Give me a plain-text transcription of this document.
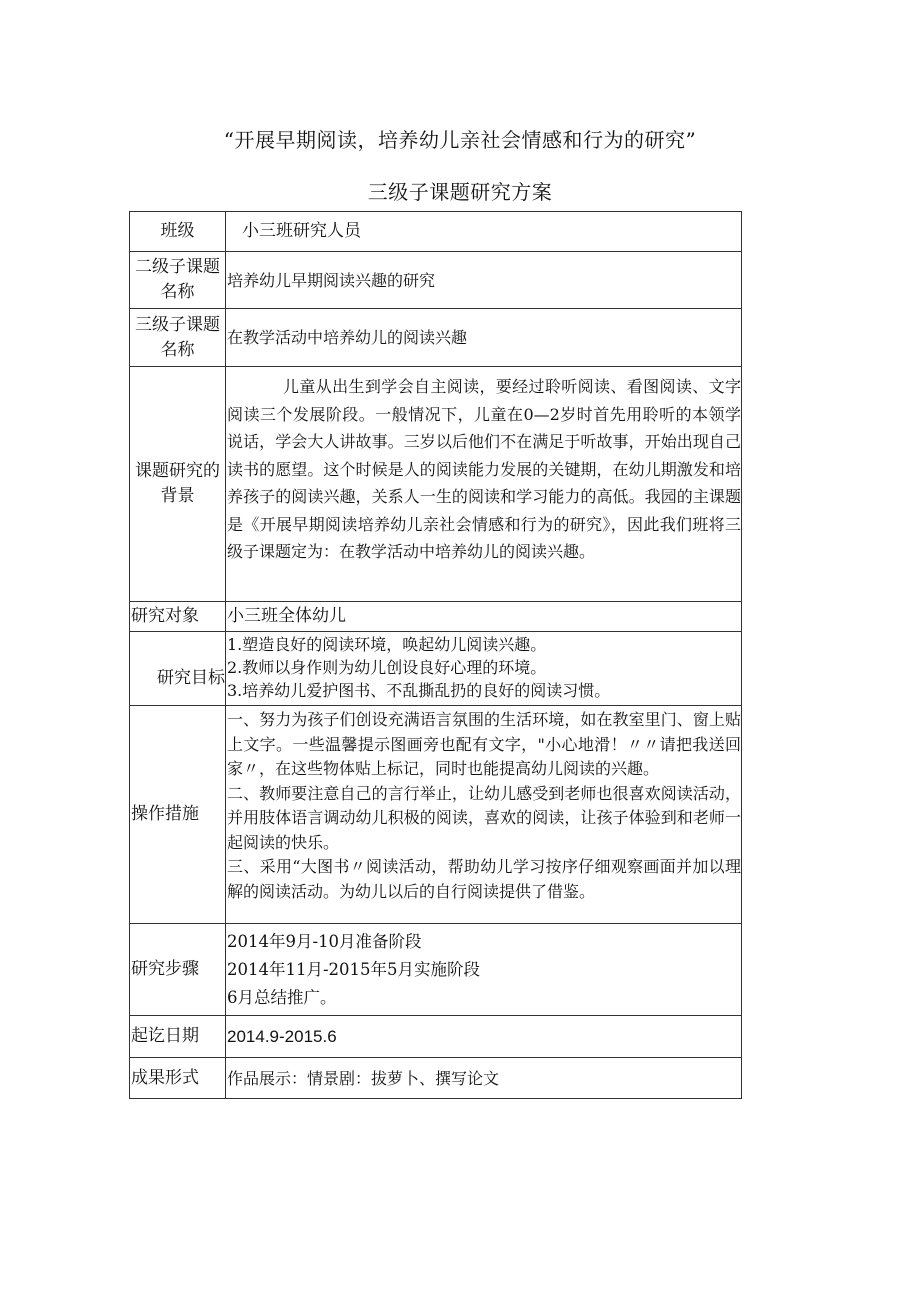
“开展早期阅读，培养幼儿亲社会情感和行为的研究”
三级子课题研究方案
班级	小三班研究人员
二级子课题名称	培养幼儿早期阅读兴趣的研究
三级子课题名称	在教学活动中培养幼儿的阅读兴趣
课题研究的背景	儿童从出生到学会自主阅读，要经过聆听阅读、看图阅读、文字阅读三个发展阶段。一般情况下，儿童在0—2岁时首先用聆听的本领学说话，学会大人讲故事。三岁以后他们不在满足于听故事，开始出现自己读书的愿望。这个时候是人的阅读能力发展的关键期，在幼儿期激发和培养孩子的阅读兴趣，关系人一生的阅读和学习能力的高低。我园的主课题是《开展早期阅读培养幼儿亲社会情感和行为的研究》，因此我们班将三级子课题定为：在教学活动中培养幼儿的阅读兴趣。

研究对象	小三班全体幼儿
研究目标	1.塑造良好的阅读环境，唤起幼儿阅读兴趣。
2.教师以身作则为幼儿创设良好心理的环境。
3.培养幼儿爱护图书、不乱撕乱扔的良好的阅读习惯。

操作措施	一、努力为孩子们创设充满语言氛围的生活环境，如在教室里门、窗上贴上文字。一些温馨提示图画旁也配有文字，"小心地滑！〃〃请把我送回家〃，在这些物体贴上标记，同时也能提高幼儿阅读的兴趣。
二、教师要注意自己的言行举止，让幼儿感受到老师也很喜欢阅读活动，并用肢体语言调动幼儿积极的阅读，喜欢的阅读，让孩子体验到和老师一起阅读的快乐。
三、采用“大图书〃阅读活动，帮助幼儿学习按序仔细观察画面并加以理解的阅读活动。为幼儿以后的自行阅读提供了借鉴。

研究步骤	2014年9月-10月准备阶段
2014年11月-2015年5月实施阶段
6月总结推广。

起讫日期	2014.9-2015.6
成果形式	作品展示：情景剧：拔萝卜、撰写论文
